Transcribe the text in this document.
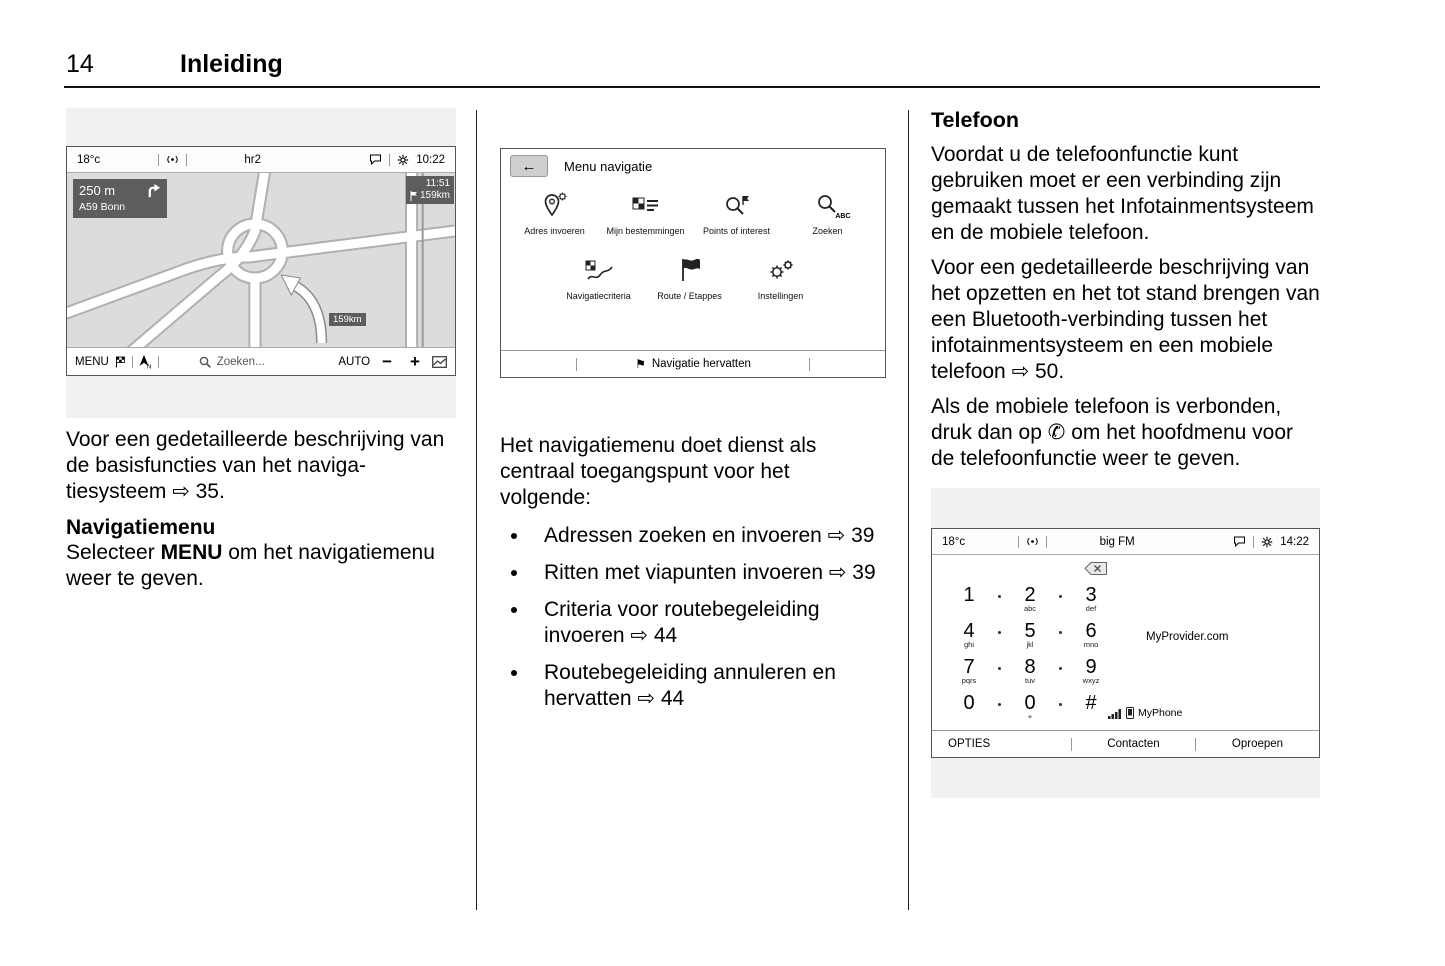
14	Inleiding
18°c	hr2	10:22
250 m
A59 Bonn
11:51
159km
159km
MENU	N	Zoeken...	AUTO −	+

Voor een gedetailleerde beschrijving van de basisfuncties van het navigatiesysteem ⇨ 35.

Navigatiemenu

Selecteer MENU om het navigatiemenu weer te geven.

←	Menu navigatie
Adres invoeren Mijn bestemmingen Points of interest
ABC
Zoeken
Navigatiecriteria	Route / Etappes	Instellingen
⚑ Navigatie hervatten

Het navigatiemenu doet dienst als centraal toegangspunt voor het volgende:

• Adressen zoeken en invoeren ⇨ 39
• Ritten met viapunten invoeren ⇨ 39
• Criteria voor routebegeleiding invoeren ⇨ 44
• Routebegeleiding annuleren en hervatten ⇨ 44
Telefoon

Voordat u de telefoonfunctie kunt gebruiken moet er een verbinding zijn gemaakt tussen het Infotainmentsysteem en de mobiele telefoon.

Voor een gedetailleerde beschrijving van het opzetten en het tot stand brengen van een Bluetooth-verbinding tussen het infotainmentsysteem en een mobiele telefoon ⇨ 50.

Als de mobiele telefoon is verbonden, druk dan op ✆ om het hoofdmenu voor de telefoonfunctie weer te geven.

18°c	big FM	14:22
1	2
abc
3
def
4
ghi
5
jkl
6
mno
7
pqrs
8
tuv
9
wxyz
0	0
+
#
MyProvider.com
MyPhone
OPTIES	Contacten	Oproepen
